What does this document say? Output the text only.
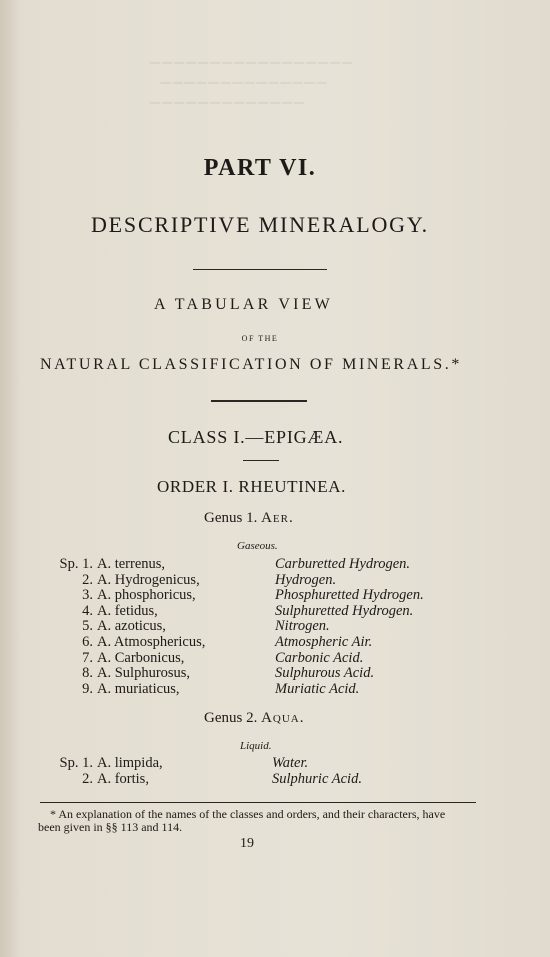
▔▔▔▔▔▔▔▔▔▔▔▔▔▔▔▔▔
▔▔▔▔▔▔▔▔▔▔▔▔▔▔
▔▔▔▔▔▔▔▔▔▔▔▔▔
PART VI.
DESCRIPTIVE MINERALOGY.
A TABULAR VIEW
OF THE
NATURAL CLASSIFICATION OF MINERALS.*
CLASS I.—EPIGÆA.
ORDER I. RHEUTINEA.
Genus 1. Aer.
Gaseous.
Sp. 1. A. terrenus,	Carburetted Hydrogen.
2. A. Hydrogenicus,	Hydrogen.
3. A. phosphoricus,	Phosphuretted Hydrogen.
4. A. fetidus,	Sulphuretted Hydrogen.
5. A. azoticus,	Nitrogen.
6. A. Atmosphericus,	Atmospheric Air.
7. A. Carbonicus,	Carbonic Acid.
8. A. Sulphurosus,	Sulphurous Acid.
9. A. muriaticus,	Muriatic Acid.
Genus 2. Aqua.
Liquid.
Sp. 1. A. limpida,	Water.
2. A. fortis,	Sulphuric Acid.
* An explanation of the names of the classes and orders, and their characters, have
been given in §§ 113 and 114.
19
